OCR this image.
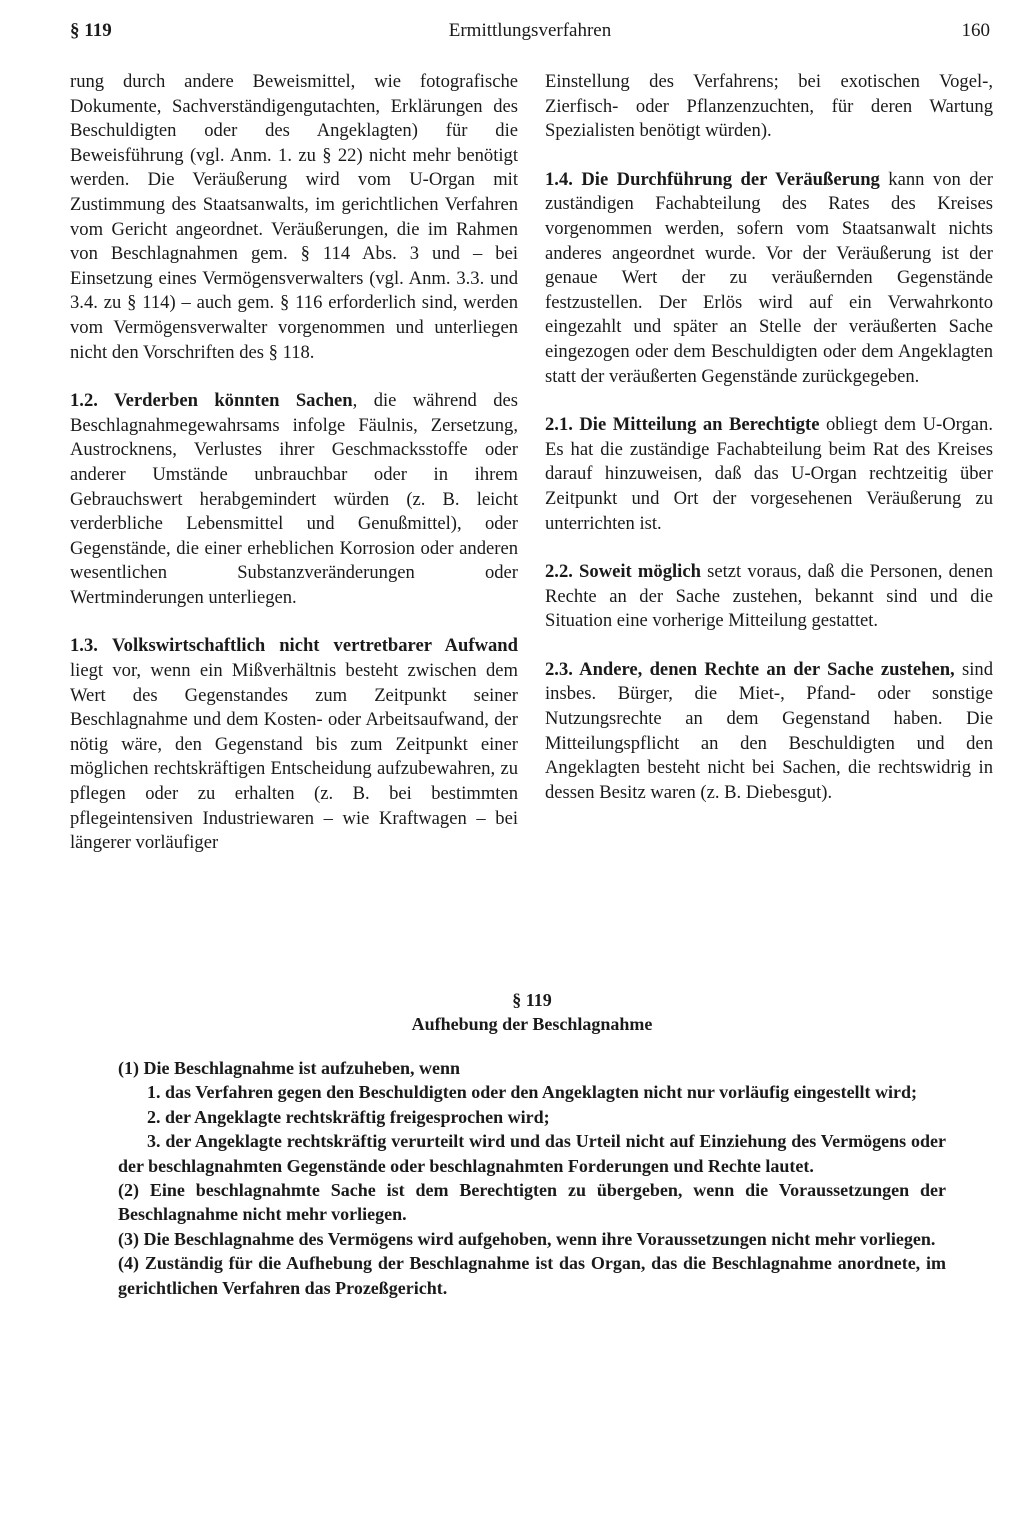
§ 119	Ermittlungsverfahren	160

rung durch andere Beweismittel, wie fotografische Dokumente, Sachverständigengutachten, Erklärungen des Beschuldigten oder des Angeklagten) für die Beweisführung (vgl. Anm. 1. zu § 22) nicht mehr benötigt werden. Die Veräußerung wird vom U-Organ mit Zustimmung des Staatsanwalts, im gerichtlichen Verfahren vom Gericht angeordnet. Veräußerungen, die im Rahmen von Beschlagnahmen gem. § 114 Abs. 3 und – bei Einsetzung eines Vermögensverwalters (vgl. Anm. 3.3. und 3.4. zu § 114) – auch gem. § 116 erforderlich sind, werden vom Vermögensverwalter vorgenommen und unterliegen nicht den Vorschriften des § 118.

1.2. Verderben könnten Sachen, die während des Beschlagnahmegewahrsams infolge Fäulnis, Zersetzung, Austrocknens, Verlustes ihrer Geschmacksstoffe oder anderer Umstände unbrauchbar oder in ihrem Gebrauchswert herabgemindert würden (z. B. leicht verderbliche Lebensmittel und Genußmittel), oder Gegenstände, die einer erheblichen Korrosion oder anderen wesentlichen Substanzveränderungen oder Wertminderungen unterliegen.

1.3. Volkswirtschaftlich nicht vertretbarer Aufwand liegt vor, wenn ein Mißverhältnis besteht zwischen dem Wert des Gegenstandes zum Zeitpunkt seiner Beschlagnahme und dem Kosten- oder Arbeitsaufwand, der nötig wäre, den Gegenstand bis zum Zeitpunkt einer möglichen rechtskräftigen Entscheidung aufzubewahren, zu pflegen oder zu erhalten (z. B. bei bestimmten pflegeintensiven Industriewaren – wie Kraftwagen – bei längerer vorläufiger

Einstellung des Verfahrens; bei exotischen Vogel-, Zierfisch- oder Pflanzenzuchten, für deren Wartung Spezialisten benötigt würden).

1.4. Die Durchführung der Veräußerung kann von der zuständigen Fachabteilung des Rates des Kreises vorgenommen werden, sofern vom Staatsanwalt nichts anderes angeordnet wurde. Vor der Veräußerung ist der genaue Wert der zu veräußernden Gegenstände festzustellen. Der Erlös wird auf ein Verwahrkonto eingezahlt und später an Stelle der veräußerten Sache eingezogen oder dem Beschuldigten oder dem Angeklagten statt der veräußerten Gegenstände zurückgegeben.

2.1. Die Mitteilung an Berechtigte obliegt dem U-Organ. Es hat die zuständige Fachabteilung beim Rat des Kreises darauf hinzuweisen, daß das U-Organ rechtzeitig über Zeitpunkt und Ort der vorgesehenen Veräußerung zu unterrichten ist.

2.2. Soweit möglich setzt voraus, daß die Personen, denen Rechte an der Sache zustehen, bekannt sind und die Situation eine vorherige Mitteilung gestattet.

2.3. Andere, denen Rechte an der Sache zustehen, sind insbes. Bürger, die Miet-, Pfand- oder sonstige Nutzungsrechte an dem Gegenstand haben. Die Mitteilungspflicht an den Beschuldigten und den Angeklagten besteht nicht bei Sachen, die rechtswidrig in dessen Besitz waren (z. B. Diebesgut).

§ 119
Aufhebung der Beschlagnahme

(1) Die Beschlagnahme ist aufzuheben, wenn

1. das Verfahren gegen den Beschuldigten oder den Angeklagten nicht nur vorläufig eingestellt wird;

2. der Angeklagte rechtskräftig freigesprochen wird;

3. der Angeklagte rechtskräftig verurteilt wird und das Urteil nicht auf Einziehung des Vermögens oder der beschlagnahmten Gegenstände oder beschlagnahmten Forderungen und Rechte lautet.

(2) Eine beschlagnahmte Sache ist dem Berechtigten zu übergeben, wenn die Voraussetzungen der Beschlagnahme nicht mehr vorliegen.

(3) Die Beschlagnahme des Vermögens wird aufgehoben, wenn ihre Voraussetzungen nicht mehr vorliegen.

(4) Zuständig für die Aufhebung der Beschlagnahme ist das Organ, das die Beschlagnahme anordnete, im gerichtlichen Verfahren das Prozeßgericht.
